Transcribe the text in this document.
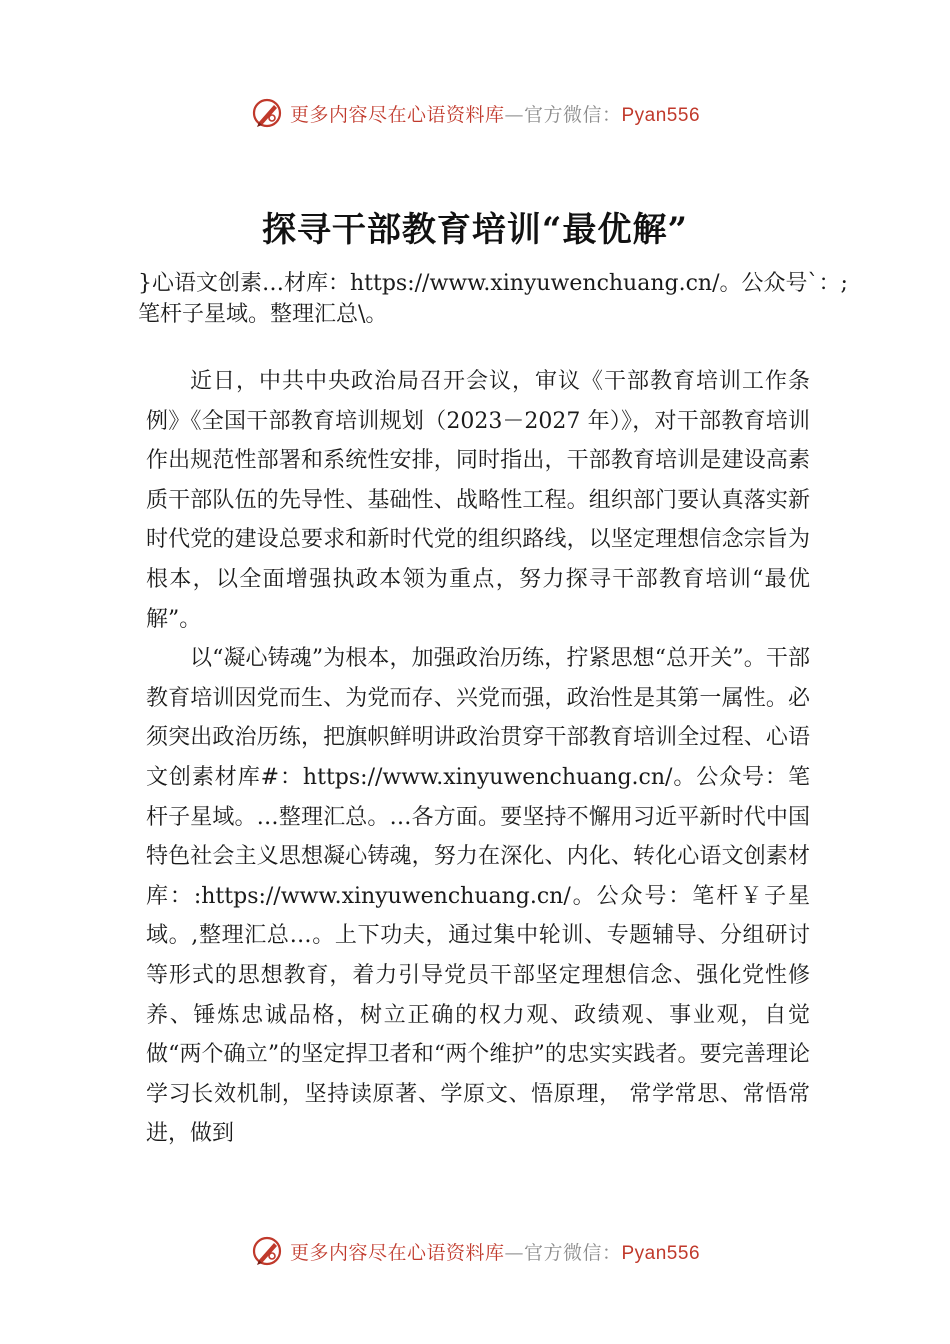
更多内容尽在心语资料库—官方微信：Pyan556
探寻干部教育培训“最优解”
}心语文创素…材库：https://www.xinyuwenchuang.cn/。公众号`：;笔杆子星域。整理汇总\。

近日，中共中央政治局召开会议，审议《干部教育培训工作条例》《全国干部教育培训规划（2023－2027 年）》，对干部教育培训作出规范性部署和系统性安排，同时指出，干部教育培训是建设高素质干部队伍的先导性、基础性、战略性工程。组织部门要认真落实新时代党的建设总要求和新时代党的组织路线，以坚定理想信念宗旨为根本，以全面增强执政本领为重点，努力探寻干部教育培训“最优解”。

以“凝心铸魂”为根本，加强政治历练，拧紧思想“总开关”。干部教育培训因党而生、为党而存、兴党而强，政治性是其第一属性。必须突出政治历练，把旗帜鲜明讲政治贯穿干部教育培训全过程、心语文创素材库#：https://www.xinyuwenchuang.cn/。公众号：笔杆子星域。…整理汇总。…各方面。要坚持不懈用习近平新时代中国特色社会主义思想凝心铸魂，努力在深化、内化、转化心语文创素材库：:https://www.xinyuwenchuang.cn/。公众号：笔杆￥子星域。,整理汇总…。上下功夫，通过集中轮训、专题辅导、分组研讨等形式的思想教育，着力引导党员干部坚定理想信念、强化党性修养、锤炼忠诚品格，树立正确的权力观、政绩观、事业观，自觉做“两个确立”的坚定捍卫者和“两个维护”的忠实实践者。要完善理论学习长效机制，坚持读原著、学原文、悟原理， 常学常思、常悟常进，做到

更多内容尽在心语资料库—官方微信：Pyan556
